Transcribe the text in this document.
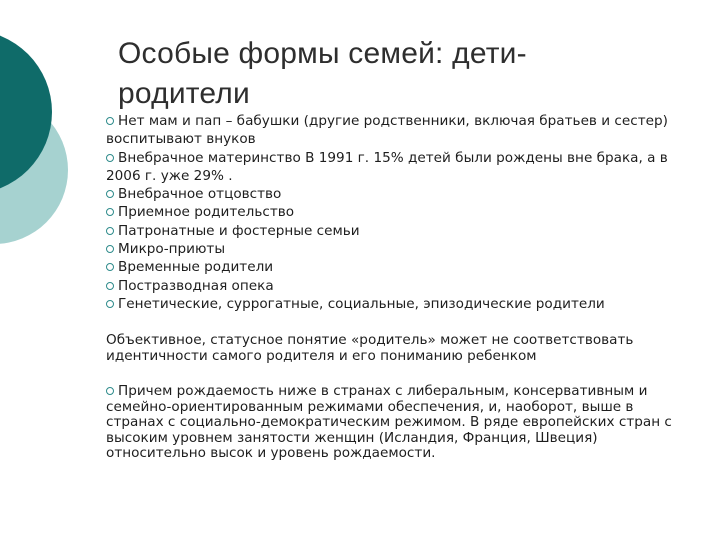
Особые формы семей: дети-
родители
Нет мам и пап – бабушки (другие родственники, включая братьев и сестер) воспитывают внуков
Внебрачное материнство В 1991 г. 15% детей были рождены вне брака, а в 2006 г. уже 29% .
Внебрачное отцовство
Приемное родительство
Патронатные и фостерные семьи
Микро-приюты
Временные родители
Постразводная опека
Генетические, суррогатные, социальные, эпизодические родители

Объективное, статусное понятие «родитель» может не соответствовать идентичности самого родителя и его пониманию ребенком

Причем рождаемость ниже в странах с либеральным, консервативным и семейно-ориентированным режимами обеспечения, и, наоборот, выше в странах с социально-демократическим режимом. В ряде европейских стран с высоким уровнем занятости женщин (Исландия, Франция, Швеция) относительно высок и уровень рождаемости.
